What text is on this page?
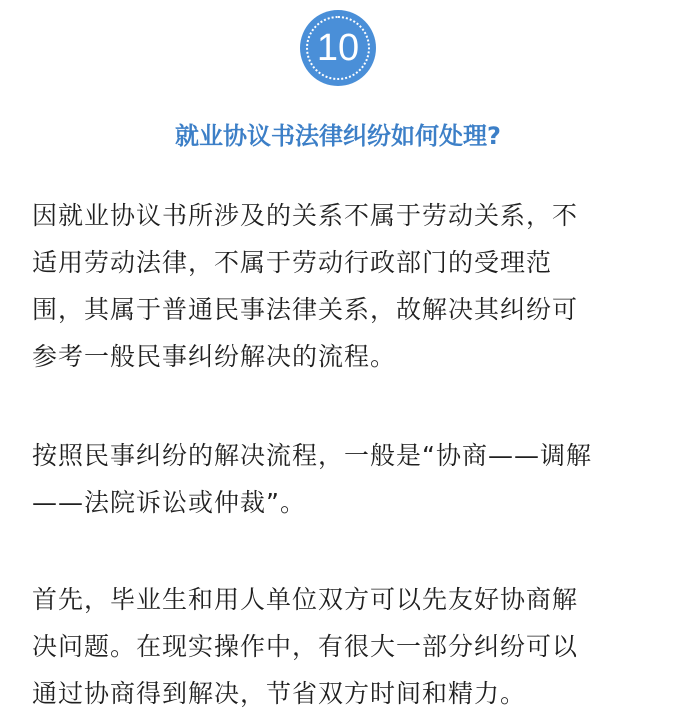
10
就业协议书法律纠纷如何处理?
因就业协议书所涉及的关系不属于劳动关系，不
适用劳动法律，不属于劳动行政部门的受理范
围，其属于普通民事法律关系，故解决其纠纷可
参考一般民事纠纷解决的流程。
按照民事纠纷的解决流程，一般是“协商——调解
——法院诉讼或仲裁”。
首先，毕业生和用人单位双方可以先友好协商解
决问题。在现实操作中，有很大一部分纠纷可以
通过协商得到解决，节省双方时间和精力。
